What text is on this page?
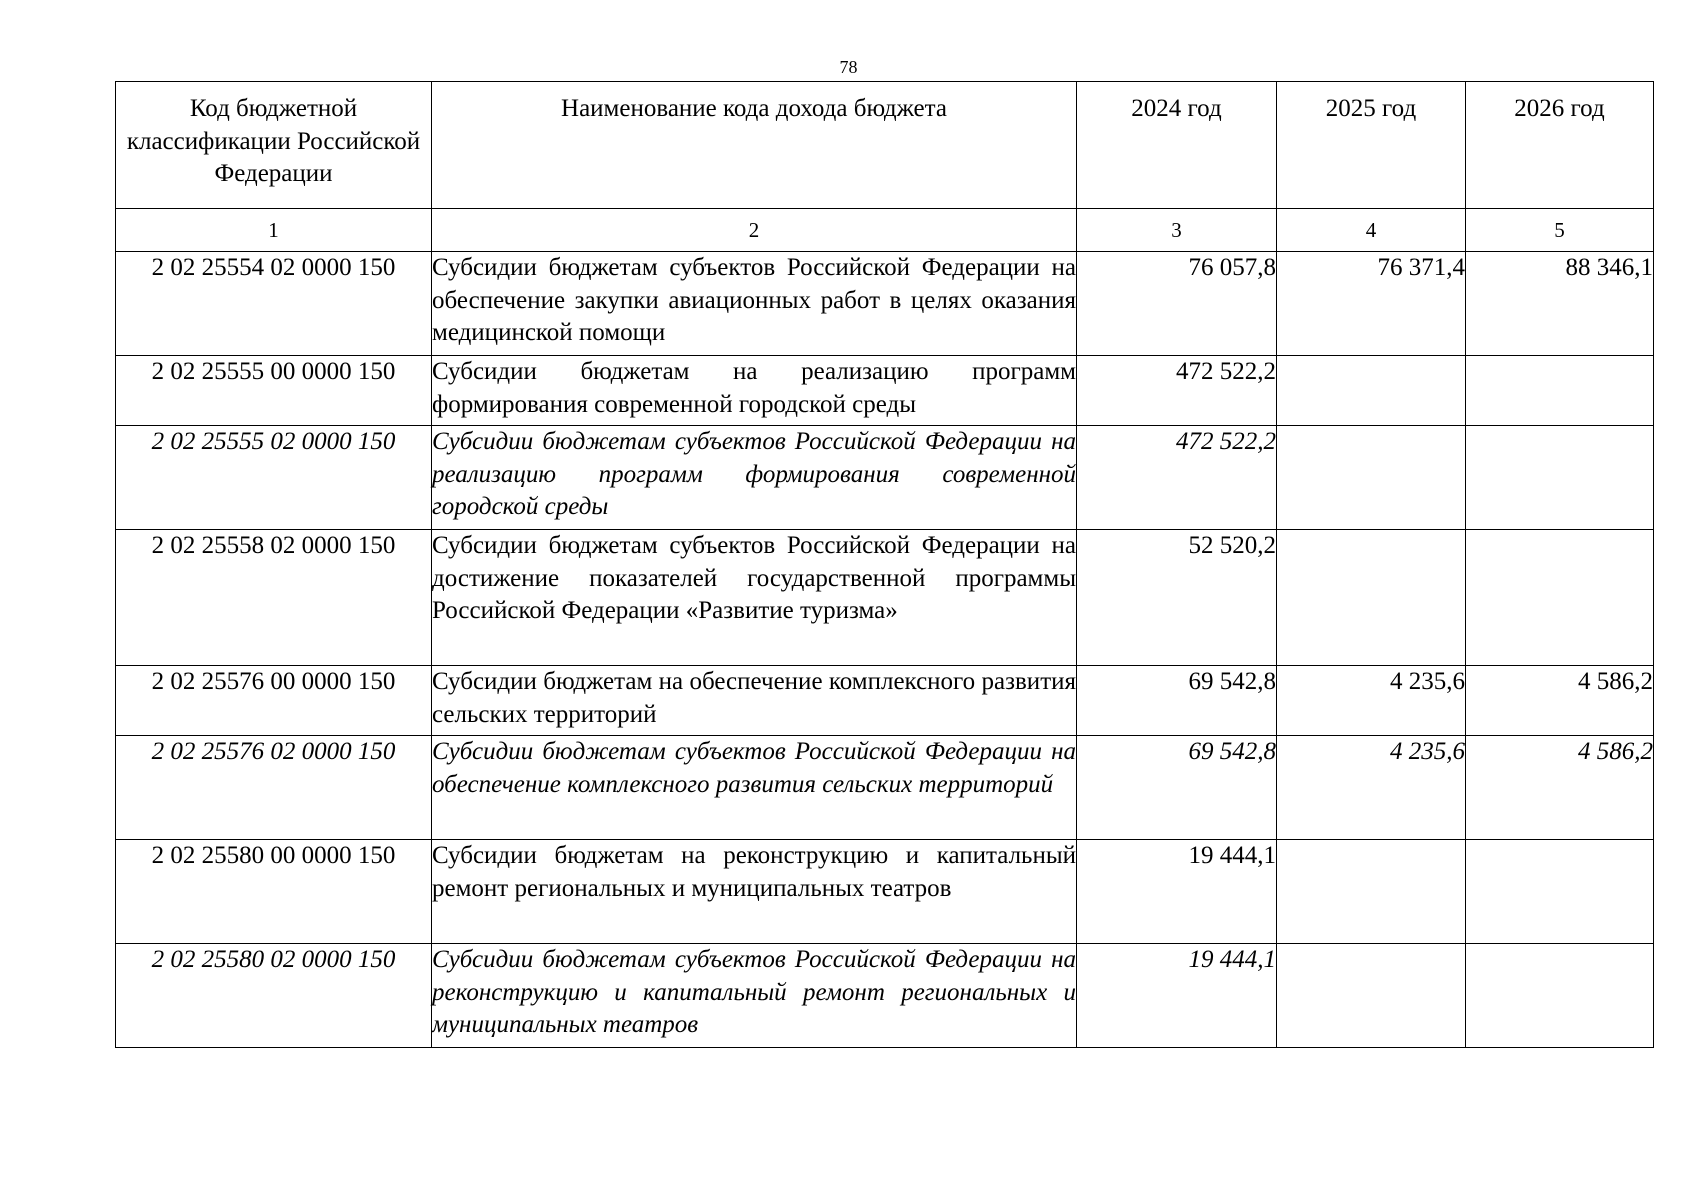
78
Код бюджетной классификации Российской Федерации	Наименование кода дохода бюджета	2024 год	2025 год	2026 год
1	2	3	4	5
2 02 25554 02 0000 150	Субсидии бюджетам субъектов Российской Федерации на обеспечение закупки авиационных работ в целях оказания медицинской помощи	76 057,8	76 371,4	88 346,1
2 02 25555 00 0000 150	Субсидии бюджетам на реализацию программ формирования современной городской среды	472 522,2		
2 02 25555 02 0000 150	Субсидии бюджетам субъектов Российской Федерации на реализацию программ формирования современной городской среды	472 522,2		
2 02 25558 02 0000 150	Субсидии бюджетам субъектов Российской Федерации на достижение показателей государственной программы Российской Федерации «Развитие туризма»	52 520,2		
2 02 25576 00 0000 150	Субсидии бюджетам на обеспечение комплексного развития сельских территорий	69 542,8	4 235,6	4 586,2
2 02 25576 02 0000 150	Субсидии бюджетам субъектов Российской Федерации на обеспечение комплексного развития сельских территорий	69 542,8	4 235,6	4 586,2
2 02 25580 00 0000 150	Субсидии бюджетам на реконструкцию и капитальный ремонт региональных и муниципальных театров	19 444,1		
2 02 25580 02 0000 150	Субсидии бюджетам субъектов Российской Федерации на реконструкцию и капитальный ремонт региональных и муниципальных театров	19 444,1		
